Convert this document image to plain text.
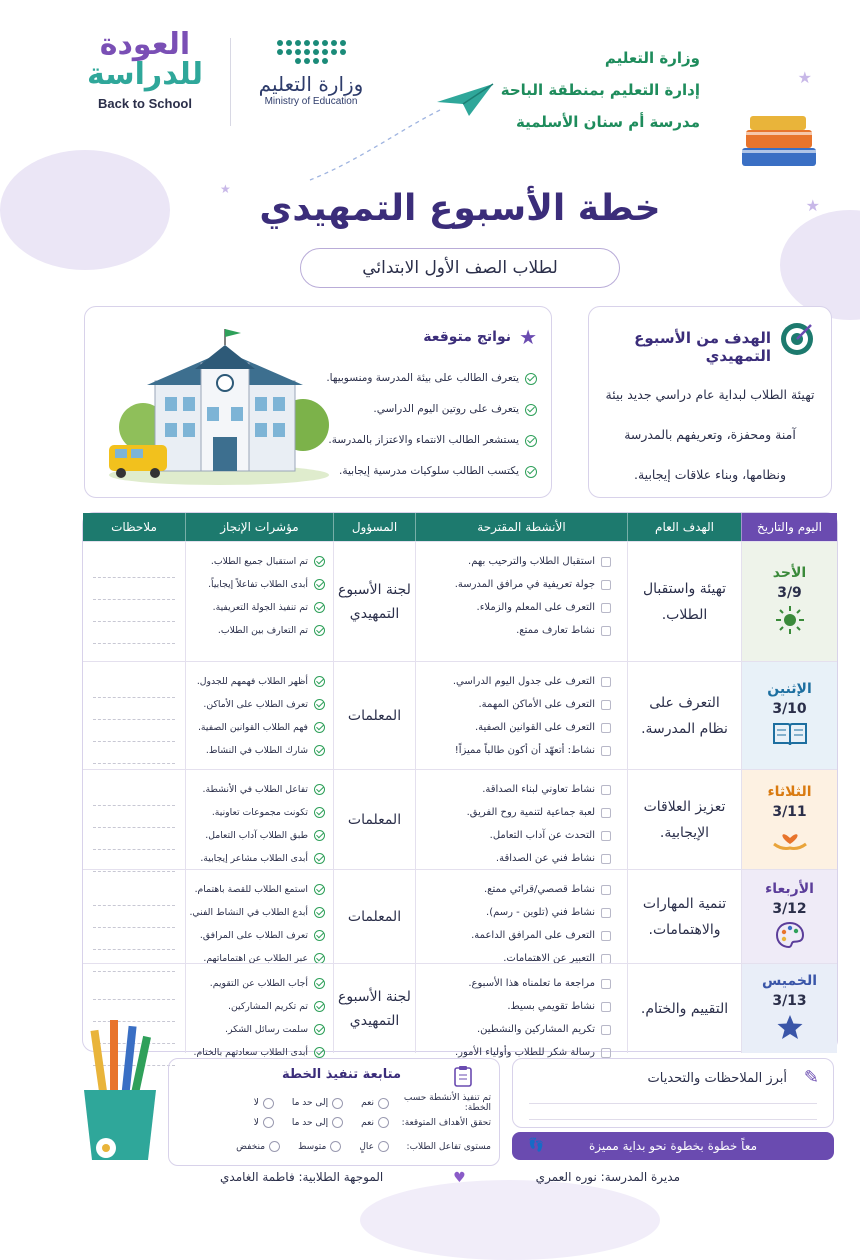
العودة
للدراسة
Back to School
وزارة التعليم
Ministry of Education
وزارة التعليم
إدارة التعليم بمنطقة الباحة
مدرسة أم سنان الأسلمية
★
★
★ خطة الأسبوع التمهيدي
لطلاب الصف الأول الابتدائي
الهدف من الأسبوع التمهيدي

تهيئة الطلاب لبداية عام دراسي جديد بيئة آمنة ومحفزة، وتعريفهم بالمدرسة ونظامها، وبناء علاقات إيجابية.

★
نواتج متوقعة
يتعرف الطالب على بيئة المدرسة ومنسوبيها.
يتعرف على روتين اليوم الدراسي.
يستشعر الطالب الانتماء والاعتزاز بالمدرسة.
يكتسب الطالب سلوكيات مدرسية إيجابية.
اليوم والتاريخ
الهدف العام
الأنشطة المقترحة
المسؤول
مؤشرات الإنجاز
ملاحظات
الأحد
3/9
تهيئة واستقبال الطلاب.
استقبال الطلاب والترحيب بهم.
جولة تعريفية في مرافق المدرسة.
التعرف على المعلم والزملاء.
نشاط تعارف ممتع.
لجنة الأسبوع التمهيدي
تم استقبال جميع الطلاب.
أبدى الطلاب تفاعلاً إيجابياً.
تم تنفيذ الجولة التعريفية.
تم التعارف بين الطلاب.
الإثنين
3/10
التعرف على نظام المدرسة.
التعرف على جدول اليوم الدراسي.
التعرف على الأماكن المهمة.
التعرف على القوانين الصفية.
نشاط: أتعهّد أن أكون طالباً مميزاً!
المعلمات
أظهر الطلاب فهمهم للجدول.
تعرف الطلاب على الأماكن.
فهم الطلاب القوانين الصفية.
شارك الطلاب في النشاط.
الثلاثاء
3/11
تعزيز العلاقات الإيجابية.
نشاط تعاوني لبناء الصداقة.
لعبة جماعية لتنمية روح الفريق.
التحدث عن آداب التعامل.
نشاط فني عن الصداقة.
المعلمات
تفاعل الطلاب في الأنشطة.
تكونت مجموعات تعاونية.
طبق الطلاب آداب التعامل.
أبدى الطلاب مشاعر إيجابية.
الأربعاء
3/12
تنمية المهارات والاهتمامات.
نشاط قصصي/قرائي ممتع.
نشاط فني (تلوين - رسم).
التعرف على المرافق الداعمة.
التعبير عن الاهتمامات.
المعلمات
استمع الطلاب للقصة باهتمام.
أبدع الطلاب في النشاط الفني.
تعرف الطلاب على المرافق.
عبر الطلاب عن اهتماماتهم.
الخميس
3/13
التقييم والختام.
مراجعة ما تعلمناه هذا الأسبوع.
نشاط تقويمي بسيط.
تكريم المشاركين والنشطين.
رسالة شكر للطلاب وأولياء الأمور.
لجنة الأسبوع التمهيدي
أجاب الطلاب عن التقويم.
تم تكريم المشاركين.
سلمت رسائل الشكر.
أبدى الطلاب سعادتهم بالختام.
متابعة تنفيذ الخطة
تم تنفيذ الأنشطة حسب الخطة:
نعم
إلى حد ما
لا
تحقق الأهداف المتوقعة:
نعم
إلى حد ما
لا
مستوى تفاعل الطلاب:
عالٍ
متوسط
منخفض
✎
أبرز الملاحظات والتحديات
معاً خطوة بخطوة نحو بداية مميزة
👣
مديرة المدرسة: نوره العمري
♥
الموجهة الطلابية: فاطمة الغامدي
